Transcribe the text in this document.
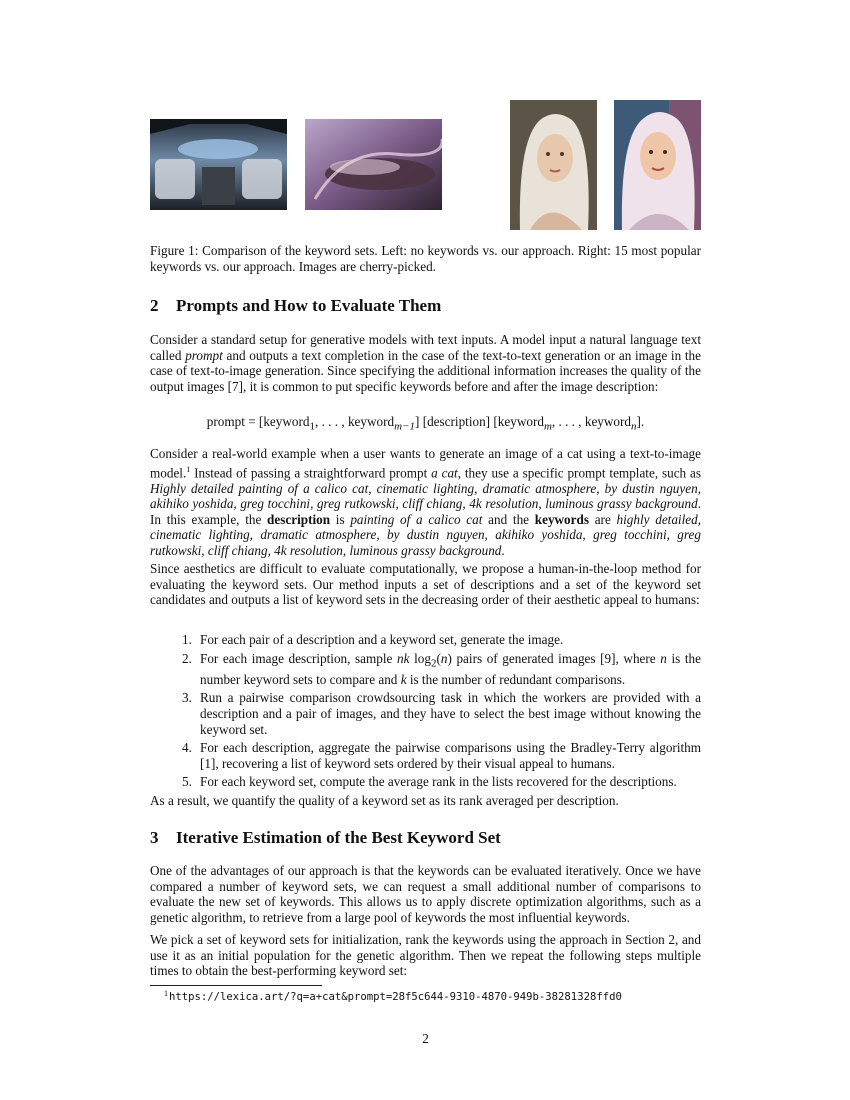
Figure 1: Comparison of the keyword sets. Left: no keywords vs. our approach. Right: 15 most popular keywords vs. our approach. Images are cherry-picked.
2 Prompts and How to Evaluate Them

Consider a standard setup for generative models with text inputs. A model input a natural language text called prompt and outputs a text completion in the case of the text-to-text generation or an image in the case of text-to-image generation. Since specifying the additional information increases the quality of the output images [7], it is common to put specific keywords before and after the image description:

prompt = [keyword$_1$, . . . , keyword$_{m-1}$] [description] [keyword$_m$, . . . , keyword$_n$].

Consider a real-world example when a user wants to generate an image of a cat using a text-to-image model.$^1$ Instead of passing a straightforward prompt a cat, they use a specific prompt template, such as Highly detailed painting of a calico cat, cinematic lighting, dramatic atmosphere, by dustin nguyen, akihiko yoshida, greg tocchini, greg rutkowski, cliff chiang, 4k resolution, luminous grassy background. In this example, the description is painting of a calico cat and the keywords are highly detailed, cinematic lighting, dramatic atmosphere, by dustin nguyen, akihiko yoshida, greg tocchini, greg rutkowski, cliff chiang, 4k resolution, luminous grassy background.

Since aesthetics are difficult to evaluate computationally, we propose a human-in-the-loop method for evaluating the keyword sets. Our method inputs a set of descriptions and a set of the keyword set candidates and outputs a list of keyword sets in the decreasing order of their aesthetic appeal to humans:

1. For each pair of a description and a keyword set, generate the image.
2. For each image description, sample nk $\log_2(n)$ pairs of generated images [9], where n is the number keyword sets to compare and k is the number of redundant comparisons.
3. Run a pairwise comparison crowdsourcing task in which the workers are provided with a description and a pair of images, and they have to select the best image without knowing the keyword set.
4. For each description, aggregate the pairwise comparisons using the Bradley-Terry algorithm [1], recovering a list of keyword sets ordered by their visual appeal to humans.
5. For each keyword set, compute the average rank in the lists recovered for the descriptions.

As a result, we quantify the quality of a keyword set as its rank averaged per description.

3 Iterative Estimation of the Best Keyword Set

One of the advantages of our approach is that the keywords can be evaluated iteratively. Once we have compared a number of keyword sets, we can request a small additional number of comparisons to evaluate the new set of keywords. This allows us to apply discrete optimization algorithms, such as a genetic algorithm, to retrieve from a large pool of keywords the most influential keywords.

We pick a set of keyword sets for initialization, rank the keywords using the approach in Section 2, and use it as an initial population for the genetic algorithm. Then we repeat the following steps multiple times to obtain the best-performing keyword set:

$^1$https://lexica.art/?q=a+cat&prompt=28f5c644-9310-4870-949b-38281328ffd0
2
